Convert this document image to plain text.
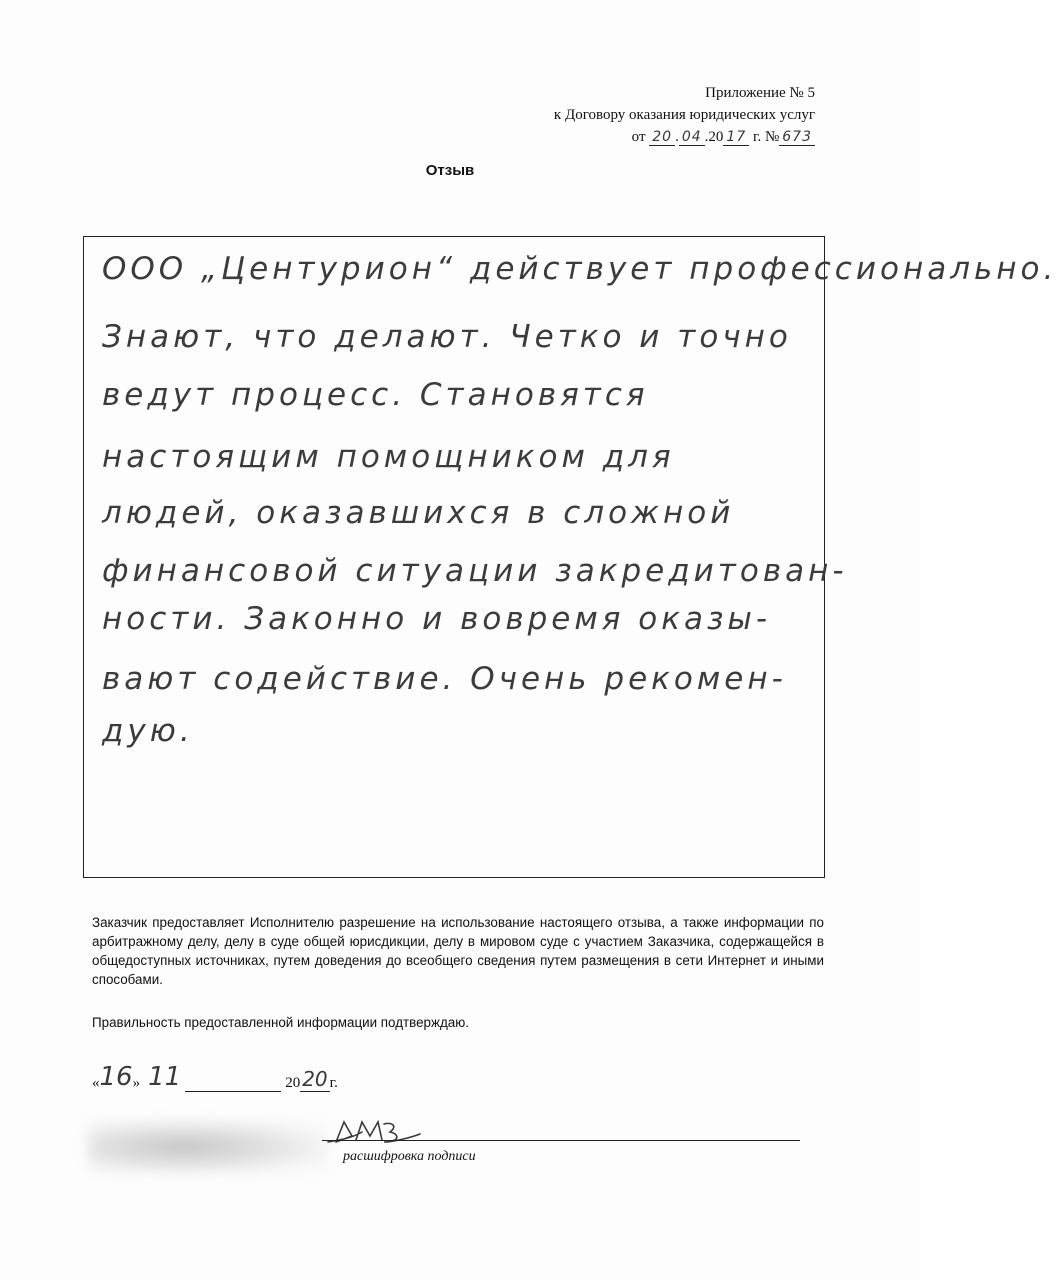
Приложение № 5
к Договору оказания юридических услуг
от 20 . 04 .20 17 г. № 673
Отзыв
ООО „Центурион“ действует профессионально.
Знают, что делают. Четко и точно
ведут процесс. Становятся
настоящим помощником для
людей, оказавшихся в сложной
финансовой ситуации закредитован-
ности. Законно и вовремя оказы-
вают содействие. Очень рекомен-
дую.
Заказчик предоставляет Исполнителю разрешение на использование настоящего отзыва, а также информации по арбитражному делу, делу в суде общей юрисдикции, делу в мировом суде с участием Заказчика, содержащейся в общедоступных источниках, путем доведения до всеобщего сведения путем размещения в сети Интернет и иными способами.
Правильность предоставленной информации подтверждаю.
« 16 » 11	20 20 г.
расшифровка подписи
